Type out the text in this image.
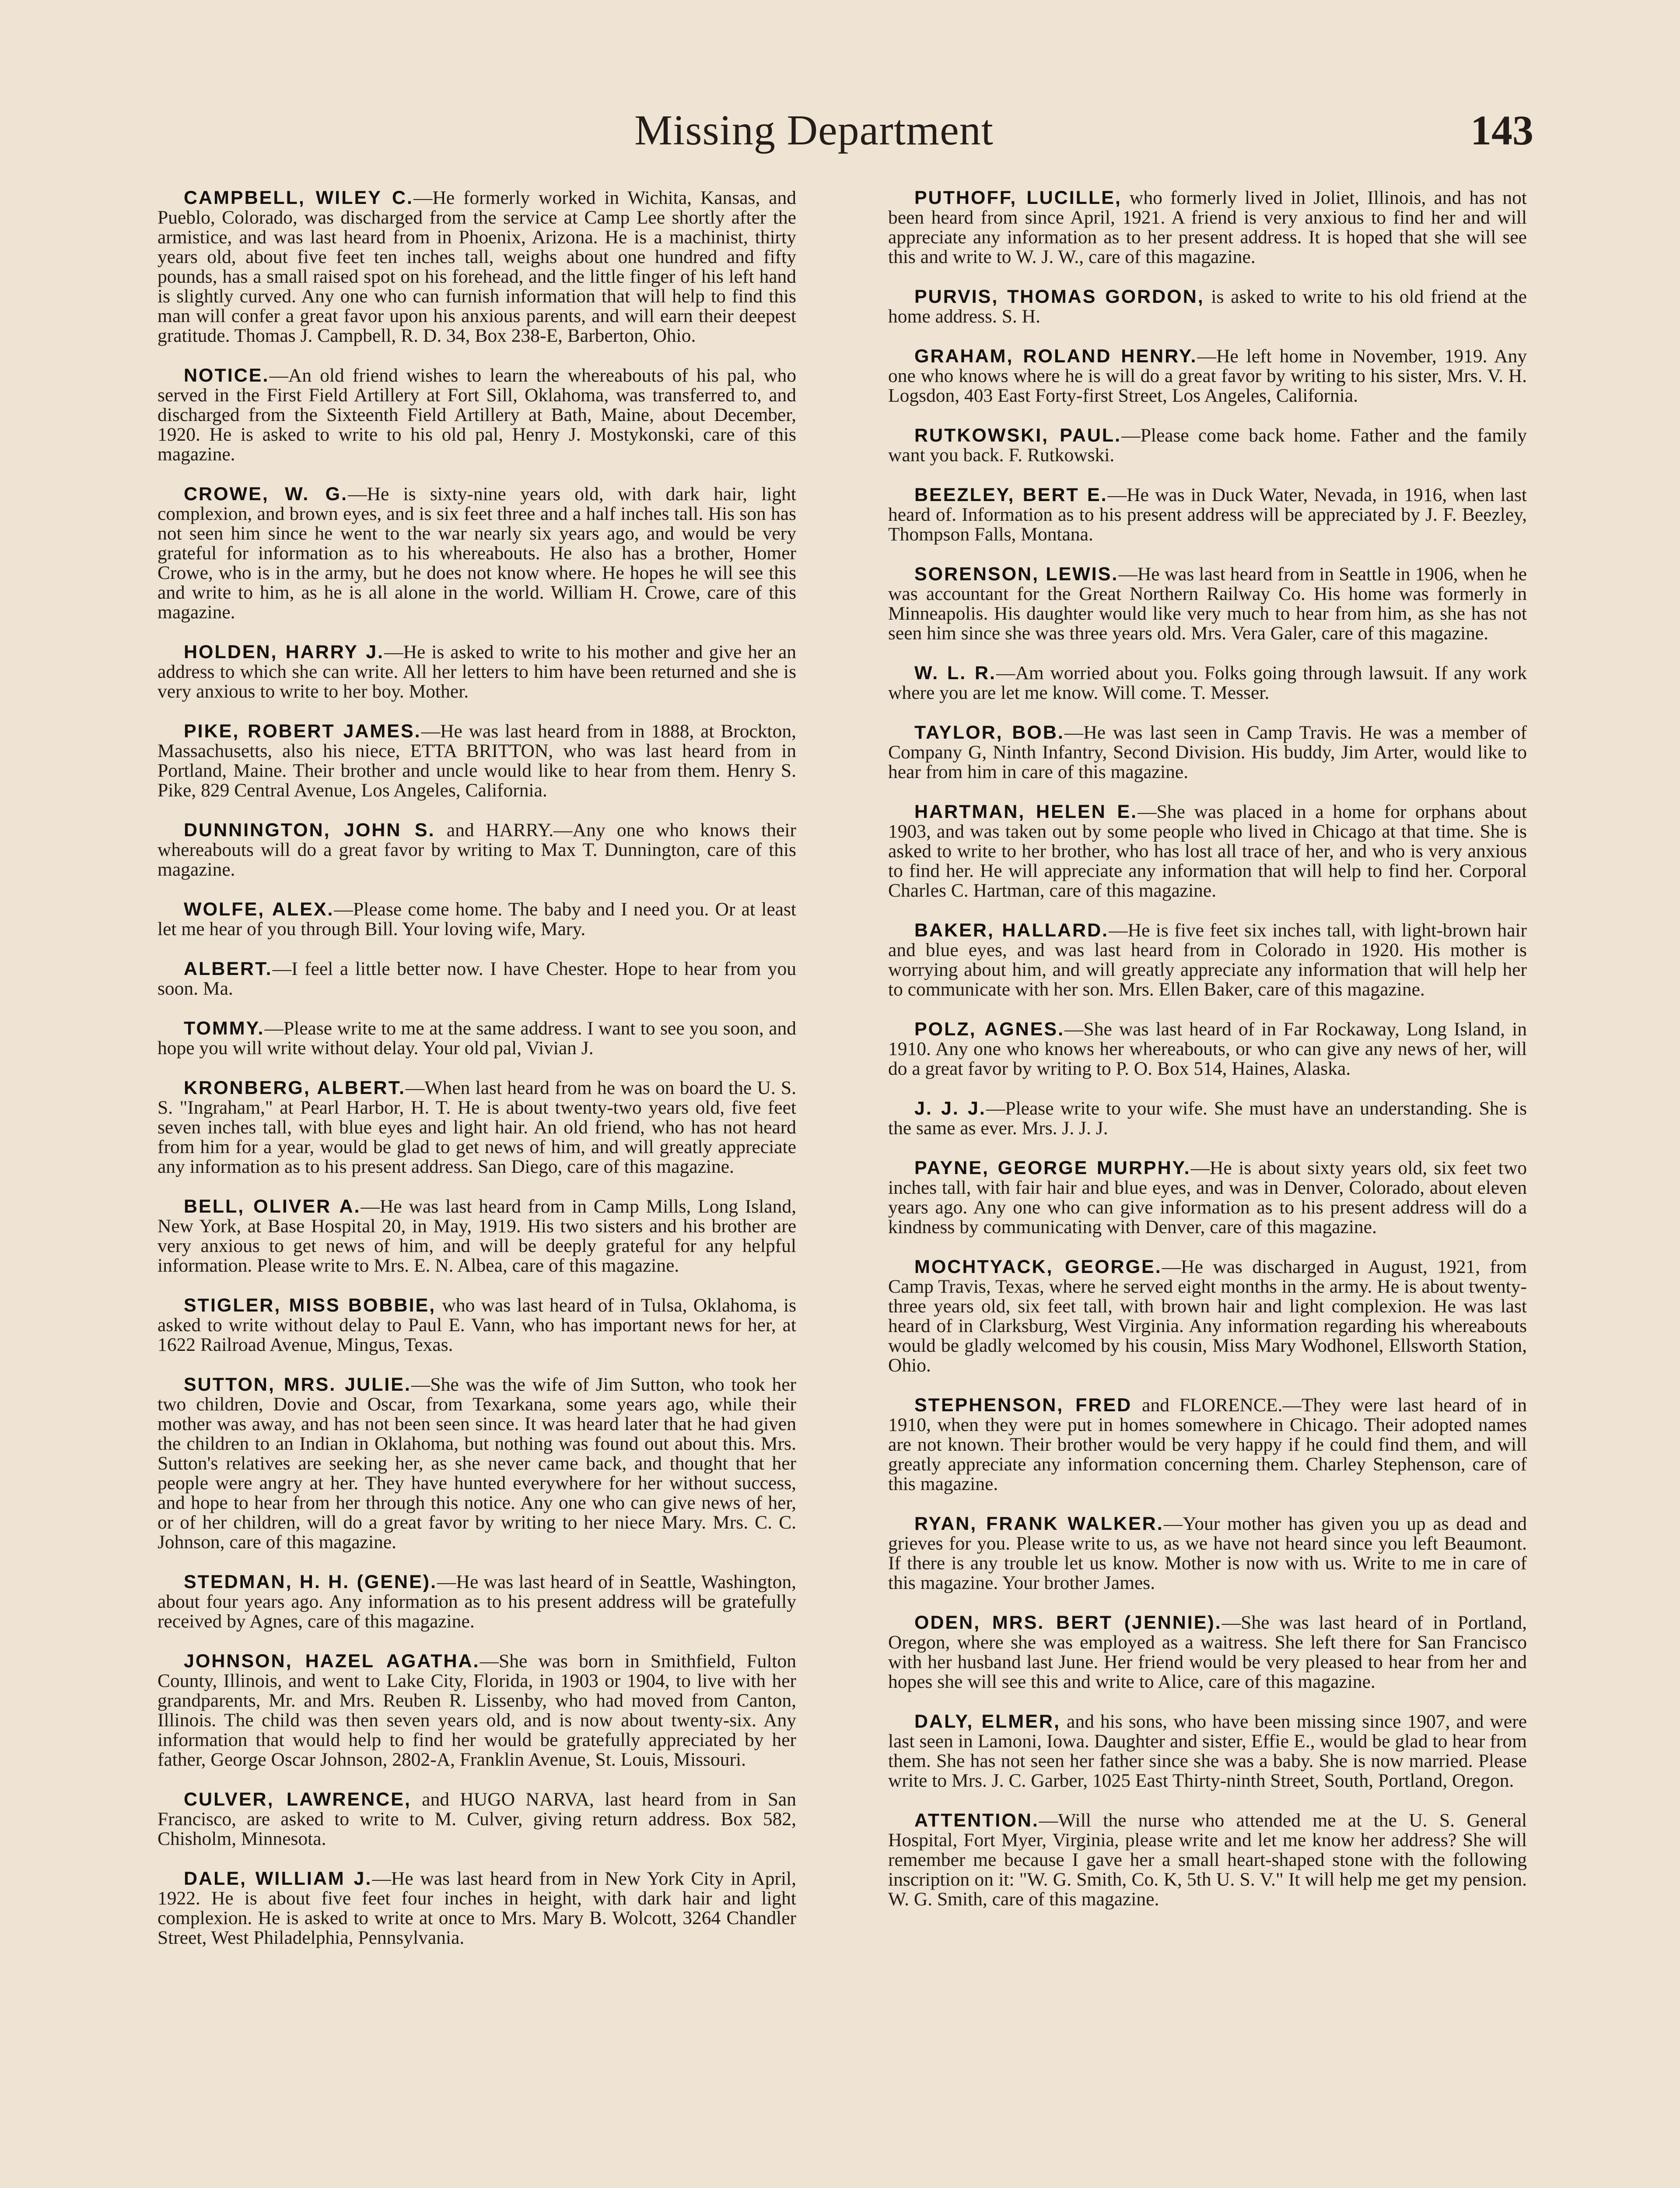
Missing Department	143

CAMPBELL, WILEY C.—He formerly worked in Wichita, Kansas, and Pueblo, Colorado, was discharged from the service at Camp Lee shortly after the armistice, and was last heard from in Phoenix, Arizona. He is a machinist, thirty years old, about five feet ten inches tall, weighs about one hundred and fifty pounds, has a small raised spot on his forehead, and the little finger of his left hand is slightly curved. Any one who can furnish information that will help to find this man will confer a great favor upon his anxious parents, and will earn their deepest gratitude. Thomas J. Campbell, R. D. 34, Box 238-E, Barberton, Ohio.

NOTICE.—An old friend wishes to learn the whereabouts of his pal, who served in the First Field Artillery at Fort Sill, Oklahoma, was transferred to, and discharged from the Sixteenth Field Artillery at Bath, Maine, about December, 1920. He is asked to write to his old pal, Henry J. Mostykonski, care of this magazine.

CROWE, W. G.—He is sixty-nine years old, with dark hair, light complexion, and brown eyes, and is six feet three and a half inches tall. His son has not seen him since he went to the war nearly six years ago, and would be very grateful for information as to his whereabouts. He also has a brother, Homer Crowe, who is in the army, but he does not know where. He hopes he will see this and write to him, as he is all alone in the world. William H. Crowe, care of this magazine.

HOLDEN, HARRY J.—He is asked to write to his mother and give her an address to which she can write. All her letters to him have been returned and she is very anxious to write to her boy. Mother.

PIKE, ROBERT JAMES.—He was last heard from in 1888, at Brockton, Massachusetts, also his niece, ETTA BRITTON, who was last heard from in Portland, Maine. Their brother and uncle would like to hear from them. Henry S. Pike, 829 Central Avenue, Los Angeles, California.

DUNNINGTON, JOHN S. and HARRY.—Any one who knows their whereabouts will do a great favor by writing to Max T. Dunnington, care of this magazine.

WOLFE, ALEX.—Please come home. The baby and I need you. Or at least let me hear of you through Bill. Your loving wife, Mary.

ALBERT.—I feel a little better now. I have Chester. Hope to hear from you soon. Ma.

TOMMY.—Please write to me at the same address. I want to see you soon, and hope you will write without delay. Your old pal, Vivian J.

KRONBERG, ALBERT.—When last heard from he was on board the U. S. S. "Ingraham," at Pearl Harbor, H. T. He is about twenty-two years old, five feet seven inches tall, with blue eyes and light hair. An old friend, who has not heard from him for a year, would be glad to get news of him, and will greatly appreciate any information as to his present address. San Diego, care of this magazine.

BELL, OLIVER A.—He was last heard from in Camp Mills, Long Island, New York, at Base Hospital 20, in May, 1919. His two sisters and his brother are very anxious to get news of him, and will be deeply grateful for any helpful information. Please write to Mrs. E. N. Albea, care of this magazine.

STIGLER, MISS BOBBIE, who was last heard of in Tulsa, Oklahoma, is asked to write without delay to Paul E. Vann, who has important news for her, at 1622 Railroad Avenue, Mingus, Texas.

SUTTON, MRS. JULIE.—She was the wife of Jim Sutton, who took her two children, Dovie and Oscar, from Texarkana, some years ago, while their mother was away, and has not been seen since. It was heard later that he had given the children to an Indian in Oklahoma, but nothing was found out about this. Mrs. Sutton's relatives are seeking her, as she never came back, and thought that her people were angry at her. They have hunted everywhere for her without success, and hope to hear from her through this notice. Any one who can give news of her, or of her children, will do a great favor by writing to her niece Mary. Mrs. C. C. Johnson, care of this magazine.

STEDMAN, H. H. (GENE).—He was last heard of in Seattle, Washington, about four years ago. Any information as to his present address will be gratefully received by Agnes, care of this magazine.

JOHNSON, HAZEL AGATHA.—She was born in Smithfield, Fulton County, Illinois, and went to Lake City, Florida, in 1903 or 1904, to live with her grandparents, Mr. and Mrs. Reuben R. Lissenby, who had moved from Canton, Illinois. The child was then seven years old, and is now about twenty-six. Any information that would help to find her would be gratefully appreciated by her father, George Oscar Johnson, 2802-A, Franklin Avenue, St. Louis, Missouri.

CULVER, LAWRENCE, and HUGO NARVA, last heard from in San Francisco, are asked to write to M. Culver, giving return address. Box 582, Chisholm, Minnesota.

DALE, WILLIAM J.—He was last heard from in New York City in April, 1922. He is about five feet four inches in height, with dark hair and light complexion. He is asked to write at once to Mrs. Mary B. Wolcott, 3264 Chandler Street, West Philadelphia, Pennsylvania.

PUTHOFF, LUCILLE, who formerly lived in Joliet, Illinois, and has not been heard from since April, 1921. A friend is very anxious to find her and will appreciate any information as to her present address. It is hoped that she will see this and write to W. J. W., care of this magazine.

PURVIS, THOMAS GORDON, is asked to write to his old friend at the home address. S. H.

GRAHAM, ROLAND HENRY.—He left home in November, 1919. Any one who knows where he is will do a great favor by writing to his sister, Mrs. V. H. Logsdon, 403 East Forty-first Street, Los Angeles, California.

RUTKOWSKI, PAUL.—Please come back home. Father and the family want you back. F. Rutkowski.

BEEZLEY, BERT E.—He was in Duck Water, Nevada, in 1916, when last heard of. Information as to his present address will be appreciated by J. F. Beezley, Thompson Falls, Montana.

SORENSON, LEWIS.—He was last heard from in Seattle in 1906, when he was accountant for the Great Northern Railway Co. His home was formerly in Minneapolis. His daughter would like very much to hear from him, as she has not seen him since she was three years old. Mrs. Vera Galer, care of this magazine.

W. L. R.—Am worried about you. Folks going through lawsuit. If any work where you are let me know. Will come. T. Messer.

TAYLOR, BOB.—He was last seen in Camp Travis. He was a member of Company G, Ninth Infantry, Second Division. His buddy, Jim Arter, would like to hear from him in care of this magazine.

HARTMAN, HELEN E.—She was placed in a home for orphans about 1903, and was taken out by some people who lived in Chicago at that time. She is asked to write to her brother, who has lost all trace of her, and who is very anxious to find her. He will appreciate any information that will help to find her. Corporal Charles C. Hartman, care of this magazine.

BAKER, HALLARD.—He is five feet six inches tall, with light-brown hair and blue eyes, and was last heard from in Colorado in 1920. His mother is worrying about him, and will greatly appreciate any information that will help her to communicate with her son. Mrs. Ellen Baker, care of this magazine.

POLZ, AGNES.—She was last heard of in Far Rockaway, Long Island, in 1910. Any one who knows her whereabouts, or who can give any news of her, will do a great favor by writing to P. O. Box 514, Haines, Alaska.

J. J. J.—Please write to your wife. She must have an understanding. She is the same as ever. Mrs. J. J. J.

PAYNE, GEORGE MURPHY.—He is about sixty years old, six feet two inches tall, with fair hair and blue eyes, and was in Denver, Colorado, about eleven years ago. Any one who can give information as to his present address will do a kindness by communicating with Denver, care of this magazine.

MOCHTYACK, GEORGE.—He was discharged in August, 1921, from Camp Travis, Texas, where he served eight months in the army. He is about twenty-three years old, six feet tall, with brown hair and light complexion. He was last heard of in Clarksburg, West Virginia. Any information regarding his whereabouts would be gladly welcomed by his cousin, Miss Mary Wodhonel, Ellsworth Station, Ohio.

STEPHENSON, FRED and FLORENCE.—They were last heard of in 1910, when they were put in homes somewhere in Chicago. Their adopted names are not known. Their brother would be very happy if he could find them, and will greatly appreciate any information concerning them. Charley Stephenson, care of this magazine.

RYAN, FRANK WALKER.—Your mother has given you up as dead and grieves for you. Please write to us, as we have not heard since you left Beaumont. If there is any trouble let us know. Mother is now with us. Write to me in care of this magazine. Your brother James.

ODEN, MRS. BERT (JENNIE).—She was last heard of in Portland, Oregon, where she was employed as a waitress. She left there for San Francisco with her husband last June. Her friend would be very pleased to hear from her and hopes she will see this and write to Alice, care of this magazine.

DALY, ELMER, and his sons, who have been missing since 1907, and were last seen in Lamoni, Iowa. Daughter and sister, Effie E., would be glad to hear from them. She has not seen her father since she was a baby. She is now married. Please write to Mrs. J. C. Garber, 1025 East Thirty-ninth Street, South, Portland, Oregon.

ATTENTION.—Will the nurse who attended me at the U. S. General Hospital, Fort Myer, Virginia, please write and let me know her address? She will remember me because I gave her a small heart-shaped stone with the following inscription on it: "W. G. Smith, Co. K, 5th U. S. V." It will help me get my pension. W. G. Smith, care of this magazine.
